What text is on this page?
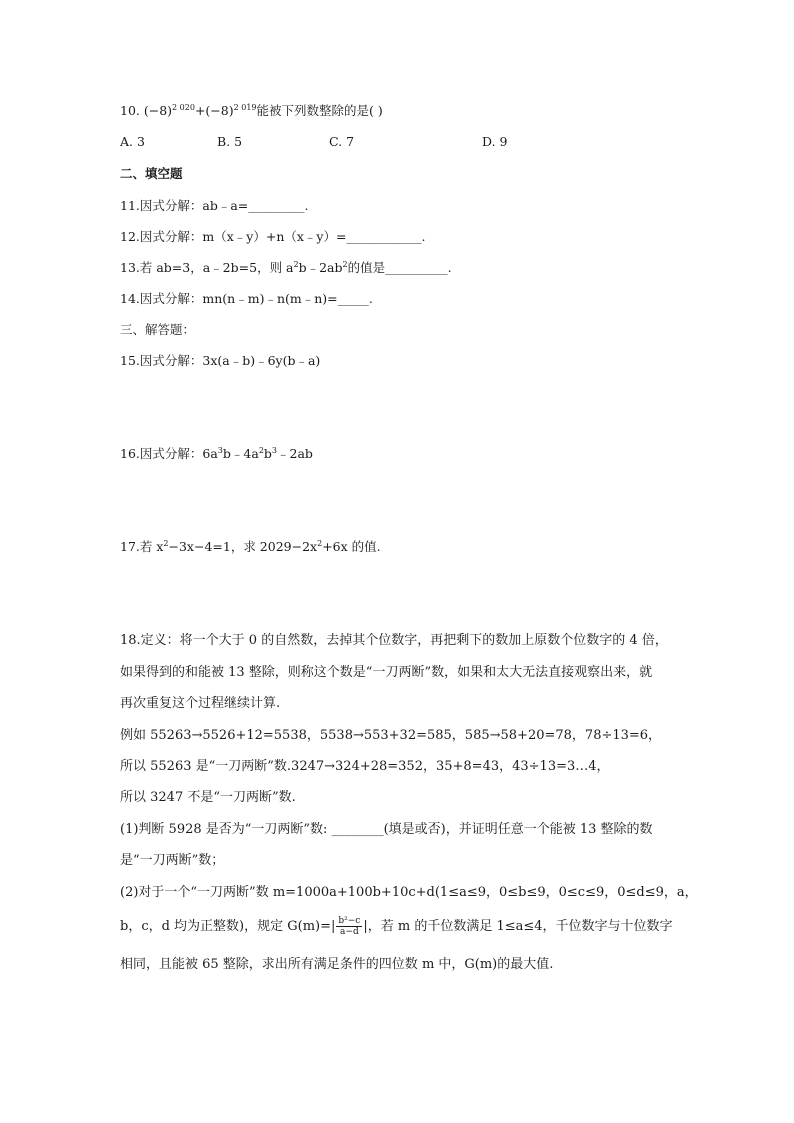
10. $(-8)^{2 020}+(-8)^{2 019}$能被下列数整除的是( )
A. 3	B. 5	C. 7	D. 9
二、填空题
11.因式分解：ab﹣a=_________.
12.因式分解：m（x﹣y）+n（x﹣y）=____________.
13.若 ab=3，a﹣2b=5，则 $a^2b﹣2ab^2$的值是__________.
14.因式分解：mn(n﹣m)﹣n(m﹣n)=_____.
三、解答题：
15.因式分解：3x(a﹣b)﹣6y(b﹣a)
16.因式分解：$6a^3b﹣4a^2b^3﹣2ab$
17.若 $x^2-3x-4=1$，求 $2029-2x^2+6x$ 的值.
18.定义：将一个大于 0 的自然数，去掉其个位数字，再把剩下的数加上原数个位数字的 4 倍，
如果得到的和能被 13 整除，则称这个数是“一刀两断”数，如果和太大无法直接观察出来，就
再次重复这个过程继续计算.
例如 55263→5526+12=5538，5538→553+32=585，585→58+20=78，78÷13=6，
所以 55263 是“一刀两断”数.3247→324+28=352，35+8=43，43÷13=3…4，
所以 3247 不是“一刀两断”数.
(1)判断 5928 是否为“一刀两断”数: ________(填是或否)，并证明任意一个能被 13 整除的数
是“一刀两断”数；
(2)对于一个“一刀两断”数 m=1000a+100b+10c+d(1≤a≤9，0≤b≤9，0≤c≤9，0≤d≤9，a，
b，c，d 均为正整数)，规定 $G(m)=| \frac{\text{b²−c}}{a-d}$ |，若 m 的千位数满足 1≤a≤4，千位数字与十位数字
相同，且能被 65 整除，求出所有满足条件的四位数 m 中，G(m)的最大值.
